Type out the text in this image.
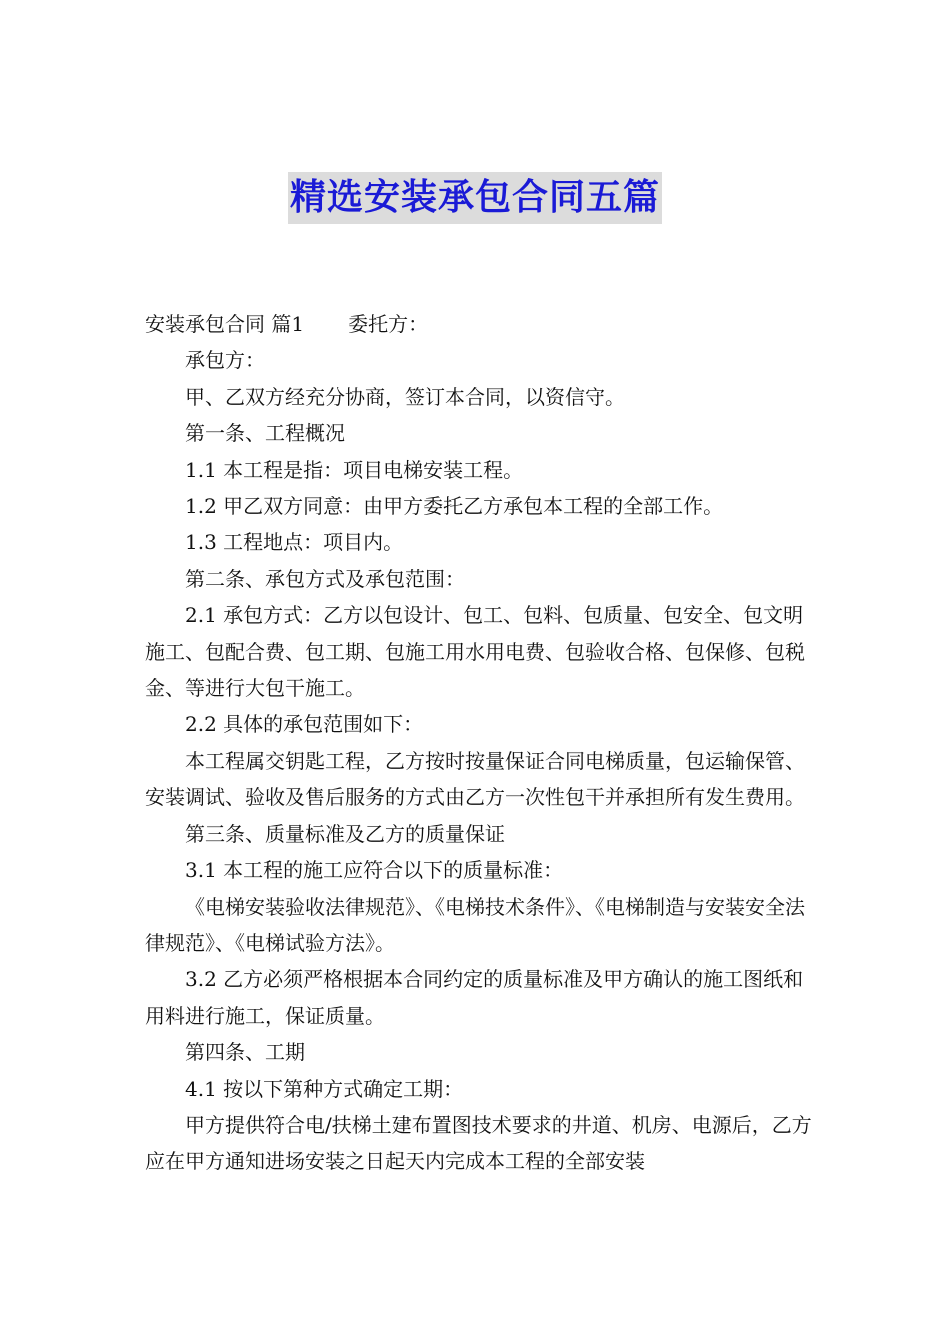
精选安装承包合同五篇

安装承包合同 篇1 委托方：

承包方：

甲、乙双方经充分协商，签订本合同，以资信守。

第一条、工程概况

1.1 本工程是指：项目电梯安装工程。

1.2 甲乙双方同意：由甲方委托乙方承包本工程的全部工作。

1.3 工程地点：项目内。

第二条、承包方式及承包范围：

2.1 承包方式：乙方以包设计、包工、包料、包质量、包安全、包文明施工、包配合费、包工期、包施工用水用电费、包验收合格、包保修、包税金、等进行大包干施工。

2.2 具体的承包范围如下：

本工程属交钥匙工程，乙方按时按量保证合同电梯质量，包运输保管、安装调试、验收及售后服务的方式由乙方一次性包干并承担所有发生费用。

第三条、质量标准及乙方的质量保证

3.1 本工程的施工应符合以下的质量标准：

《电梯安装验收法律规范》、《电梯技术条件》、《电梯制造与安装安全法律规范》、《电梯试验方法》。

3.2 乙方必须严格根据本合同约定的质量标准及甲方确认的施工图纸和用料进行施工，保证质量。

第四条、工期

4.1 按以下第种方式确定工期：

甲方提供符合电/扶梯土建布置图技术要求的井道、机房、电源后，乙方应在甲方通知进场安装之日起天内完成本工程的全部安装
